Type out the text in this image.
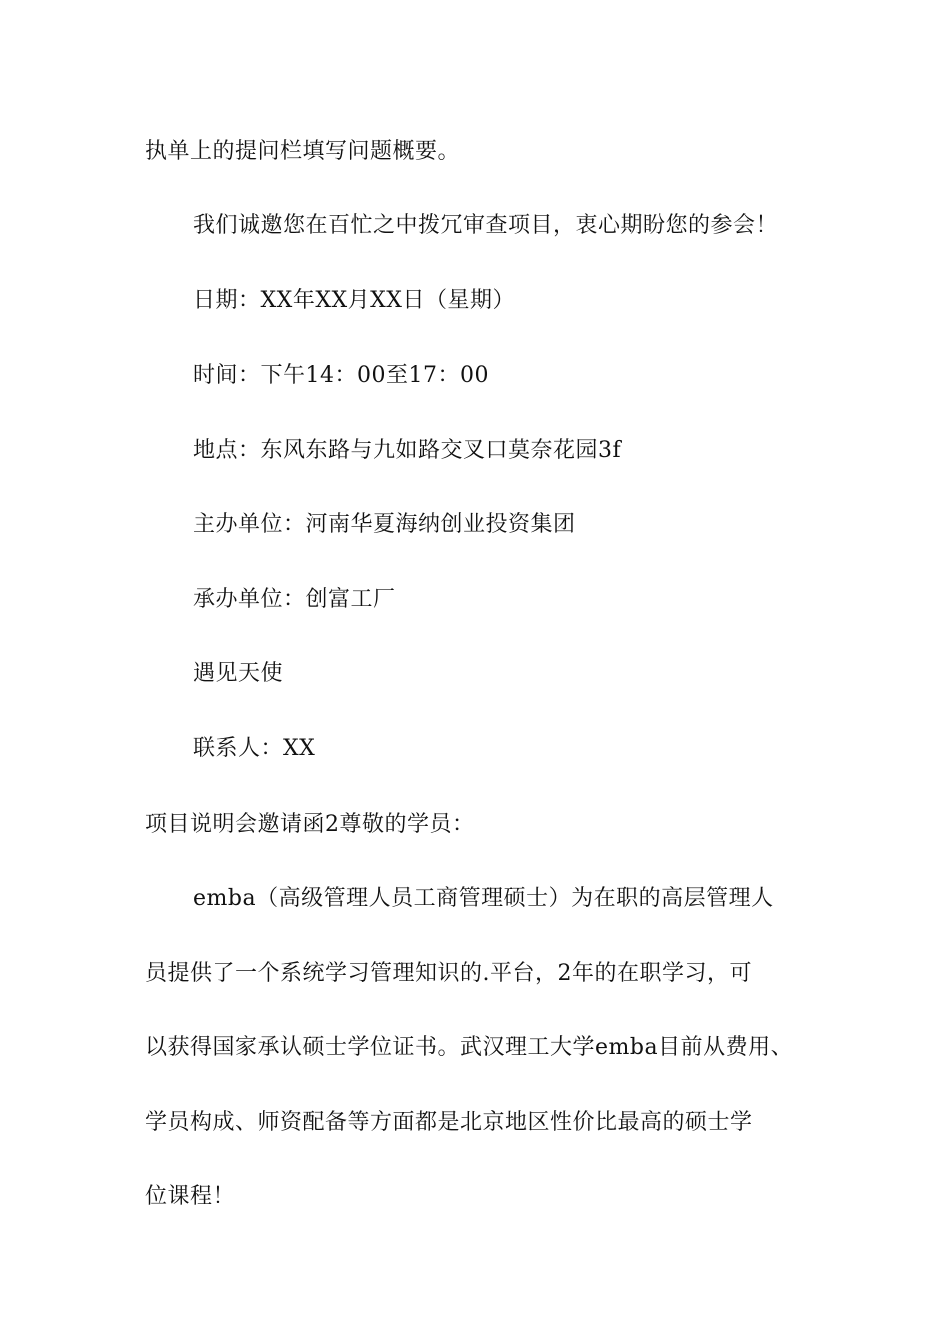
执单上的提问栏填写问题概要。
我们诚邀您在百忙之中拨冗审查项目，衷心期盼您的参会！
日期：XX年XX月XX日（星期）
时间：下午14：00至17：00
地点：东风东路与九如路交叉口莫奈花园3f
主办单位：河南华夏海纳创业投资集团
承办单位：创富工厂
遇见天使
联系人：XX
项目说明会邀请函2尊敬的学员：
emba（高级管理人员工商管理硕士）为在职的高层管理人
员提供了一个系统学习管理知识的.平台，2年的在职学习，可
以获得国家承认硕士学位证书。武汉理工大学emba目前从费用、
学员构成、师资配备等方面都是北京地区性价比最高的硕士学
位课程！
